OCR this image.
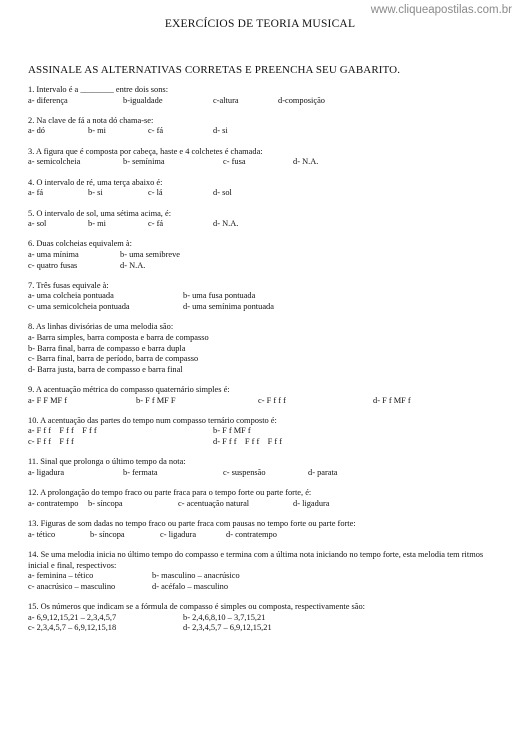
www.cliqueapostilas.com.br
EXERCÍCIOS DE TEORIA MUSICAL
ASSINALE AS ALTERNATIVAS CORRETAS E PREENCHA SEU GABARITO.
1. Intervalo é a ________ entre dois sons:
a- diferença	b-igualdade	c-altura	d-composição
2. Na clave de fá a nota dó chama-se:
a- dó	b- mi	c- fá	d- si
3. A figura que é composta por cabeça, haste e 4 colchetes é chamada:
a- semicolcheia	b- semínima	c- fusa	d- N.A.
4. O intervalo de ré, uma terça abaixo é:
a- fá	b- si	c- lá	d- sol
5. O intervalo de sol, uma sétima acima, é:
a- sol	b- mi	c- fá	d- N.A.
6. Duas colcheias equivalem à:
a- uma mínima	b- uma semibreve
c- quatro fusas	d- N.A.
7. Três fusas equivale à:
a- uma colcheia pontuada	b- uma fusa pontuada
c- uma semicolcheia pontuada	d- uma semínima pontuada
8. As linhas divisórias de uma melodia são:
a- Barra simples, barra composta e barra de compasso
b- Barra final, barra de compasso e barra dupla
c- Barra final, barra de período, barra de compasso
d- Barra justa, barra de compasso e barra final
9. A acentuação métrica do compasso quaternário simples é:
a- F F MF f	b- F f MF F	c- F f f f	d- F f MF f
10. A acentuação das partes do tempo num compasso ternário composto é:
a- F f f    F f f    F f f	b- F f MF f
c- F f f    F f f	d- F f f    F f f    F f f
11. Sinal que prolonga o último tempo da nota:
a- ligadura	b- fermata	c- suspensão	d- parata
12. A prolongação do tempo fraco ou parte fraca para o tempo forte ou parte forte, é:
a- contratempo b- síncopa	c- acentuação natural	d- ligadura
13. Figuras de som dadas no tempo fraco ou parte fraca com pausas no tempo forte ou parte forte:
a- tético	b- síncopa	c- ligadura	d- contratempo
14. Se uma melodia inicia no último tempo do compasso e termina com a última nota iniciando no tempo forte, esta melodia tem ritmos inicial e final, respectivos:
a- feminina – tético	b- masculino – anacrúsico
c- anacrúsico – masculino	d- acéfalo – masculino
15. Os números que indicam se a fórmula de compasso é simples ou composta, respectivamente são:
a- 6,9,12,15,21 – 2,3,4,5,7	b- 2,4,6,8,10 – 3,7,15,21
c- 2,3,4,5,7 – 6,9,12,15,18	d- 2,3,4,5,7 – 6,9,12,15,21
